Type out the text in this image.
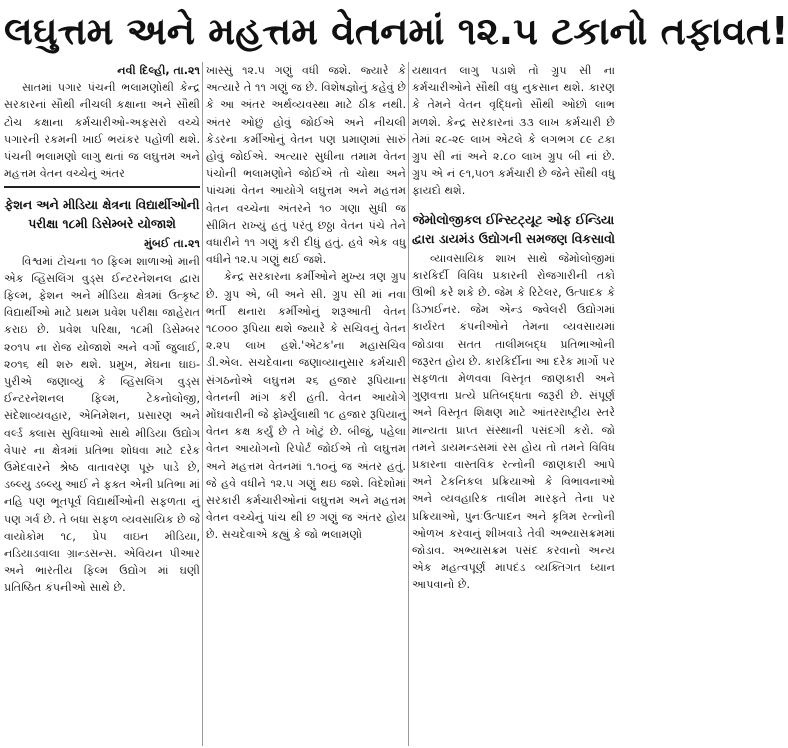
લઘુત્તમ અને મહત્તમ વેતનમાં ૧૨.૫ ટકાનો તફાવત!

નવી દિલ્હી, તા.૨૧

સાતમાં પગાર પંચની ભલામણોથી કેન્દ્ર સરકારનાં સૌથી નીચલી કક્ષાના અને સૌથી ટોચ કક્ષાના કર્મચારીઓ-અફસરો વચ્ચે પગારની રકમની ખાઈ ભયંકર પહોળી થશે. પંચની ભલામણો લાગુ થતાં જ લઘુત્તમ અને મહત્તમ વેતન વચ્ચેનું અંતર

ફેશન અને મીડિયા ક્ષેત્રના વિદ્યાર્થીઓની પરીક્ષા ૧૮મી ડિસેમ્બરે યોજાશે

મુંબઈ તા.૨૧

વિશ્વમાં ટોચના ૧૦ ફિલ્મ શાળાઓ માની એક વ્હિસલિંગ વુડ્સ ઈન્ટરનેશનલ દ્વારા ફિલ્મ, ફેશન અને મીડિયા ક્ષેત્રમાં ઉત્કૃષ્ટ વિદ્યાર્થીઓ માટે પ્રથમ પ્રવેશ પરીક્ષા જાહેરાત કરાઇ છે. પ્રવેશ પરિક્ષા, ૧૮મી ડિસેમ્બર ૨૦૧૫ ના રોજ યોજાશે અને વર્ગો જુલાઈ, ૨૦૧૬ થી શરુ થશે. પ્રમુખ, મેઘના ઘાઇ-પુરીએ જણાવ્યું કે વ્હિસલિંગ વુડ્સ ઈન્ટરનેશનલ ફિલ્મ, ટેકનોલોજી, સંદેશાવ્યવહાર, એનિમેશન, પ્રસારણ અને વર્લ્ડ ક્લાસ સુવિધાઓ સાથે મીડિયા ઉદ્યોગ વેપાર ના ક્ષેત્રમાં પ્રતિભા શોધવા માટે દરેક ઉમેદવારને શ્રેષ્ઠ વાતાવરણ પૂરુ પાડે છે, ડબ્લ્યુ ડબ્લ્યુ આઈ ને ફક્ત એની પ્રતિભા માં નહિ પણ ભૂતપૂર્વ વિદ્યાર્થીઓની સફળતા નું પણ ગર્વ છે. તે બધા સફળ વ્યવસાયિક છે જે વાયોકોમ ૧૮, પ્રેપ વાઇન મીડિયા, નડિયાડવાલા ગ્રાન્ડસન્સ. એવિયન પીઆર અને ભારતીય ફિલ્મ ઉદ્યોગ માં ઘણી પ્રતિષ્ઠિત કંપનીઓ સાથે છે.

ખાસ્સું ૧૨.૫ ગણું વધી જશે. જ્યારે કે અત્યારે તે ૧૧ ગણું જ છે. વિશેષજ્ઞોનું કહેવું છે કે આ અંતર અર્થવ્યવસ્થા માટે ઠીક નથી. અંતર ઓછું હોવું જોઈએ અને નીચલી કેડરના કર્મીઓનું વેતન પણ પ્રમાણમાં સારું હોવું જોઈએ. અત્યાર સુધીના તમામ વેતન પંચોની ભલામણોને જોઈએ તો ચોથા અને પાંચમાં વેતન આયોગે લઘુત્તમ અને મહત્તમ વેતન વચ્ચેના અંતરને ૧૦ ગણા સુધી જ સીમિત રાખ્યું હતું પરંતુ છઠ્ઠા વેતન પંચે તેને વધારીને ૧૧ ગણું કરી દીધું હતું. હવે એક વધુ વધીને ૧૨.૫ ગણું થઈ જશે.

કેન્દ્ર સરકારના કર્મીઓને મુખ્ય ત્રણ ગ્રુપ છે. ગ્રુપ એ, બી અને સી. ગ્રુપ સી માં નવા ભર્તી થનારા કર્મીઓનું શરૂઆતી વેતન ૧૮૦૦૦ રૂપિયા થશે જ્યારે કે સચિવનું વેતન ૨.૨૫ લાખ હશે.'એટક'ના મહાસચિવ ડી.એલ. સચદેવાના જણાવ્યાનુસાર કર્મચારી સંગઠનોએ લઘુત્તમ ૨૬ હજાર રૂપિયાના વેતનની માંગ કરી હતી. વેતન આયોગે મોંઘવારીની જે ફોર્મ્યુલાથી ૧૮ હજાર રૂપિયાનું વેતન કક્ષ કર્યું છે તે ખોટું છે. બીજું, પહેલા વેતન આયોગનો રિપોર્ટ જોઈએ તો લઘુત્તમ અને મહત્તમ વેતનમાં ૧.૧૦નું જ અંતર હતું. જે હવે વધીને ૧૨.૫ ગણું થઇ જશે. વિદેશોમાં સરકારી કર્મચારીઓનાં લઘુત્તમ અને મહત્તમ વેતન વચ્ચેનું પાંચ થી છ ગણું જ અંતર હોય છે. સચદેવાએ કહ્યું કે જો ભલામણો

યથાવત લાગુ પડાશે તો ગ્રુપ સી ના કર્મચારીઓને સૌથી વધુ નુકસાન થશે. કારણ કે તેમને વેતન વૃદ્ધિનો સૌથી ઓછો લાભ મળશે. કેન્દ્ર સરકારનાં ૩૩ લાખ કર્મચારી છે તેમાં ૨૮-૨૯ લાખ એટલે કે લગભગ ૮૯ ટકા ગ્રુપ સી નાં અને ૨.૮૦ લાખ ગ્રુપ બી નાં છે. ગ્રુપ એ નં ૯૧,૫૦૧ કર્મચારી છે જેને સૌથી વધુ ફાયદો થશે.

જેમોલોજીકલ ઈન્સ્ટિટ્યૂટ ઓફ ઈન્ડિયા દ્વારા ડાયમંડ ઉદ્યોગની સમજણ વિકસાવો

વ્યાવસાયિક શાખ સાથે જેમોલોજીમાં કારકિર્દી વિવિધ પ્રકારની રોજગારીની તકો ઊભી કરે શકે છે. જેમ કે રિટેલર, ઉત્પાદક કે ડિઝાઈનર. જેમ એન્ડ જ્વેલરી ઉદ્યોગમાં કાર્યરત કંપનીઓને તેમના વ્યવસાયમાં જોડાવા સતત તાલીમબદ્ધ પ્રતિભાઓની જરૂરત હોય છે. કારકિર્દીના આ દરેક માર્ગો પર સફળતા મેળવવા વિસ્તૃત જાણકારી અને ગુણવત્તા પ્રત્યે પ્રતિબદ્ધતા જરૂરી છે. સંપૂર્ણ અને વિસ્તૃત શિક્ષણ માટે આંતરરાષ્ટ્રીય સ્તરે માન્યતા પ્રાપ્ત સંસ્થાની પસંદગી કરો. જો તમને ડાયમન્ડસમાં રસ હોય તો તમને વિવિધ પ્રકારના વાસ્તવિક રત્નોની જાણકારી આપે અને ટેકનિકલ પ્રક્રિયાઓ કે વિભાવનાઓ અને વ્યવહારિક તાલીમ મારફતે તેના પર પ્રક્રિયાઓ, પુનઃઉત્પાદન અને કૃત્રિમ રત્નોની ઓળખ કરવાનું શીખવાડે તેવી અભ્યાસક્રમમાં જોડાવ. અભ્યાસક્રમ પસંદ કરવાનો અન્ય એક મહત્વપૂર્ણ માપદંડ વ્યક્તિગત ધ્યાન આપવાનો છે.
